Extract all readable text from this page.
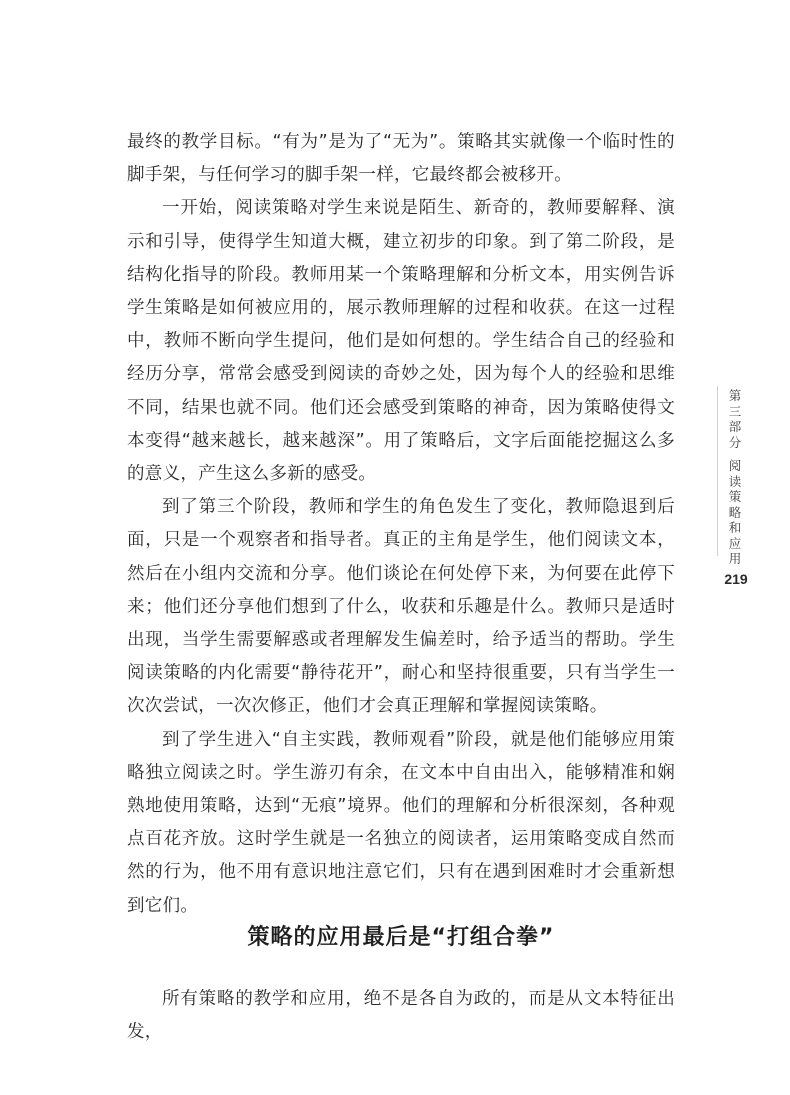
最终的教学目标。“有为”是为了“无为”。策略其实就像一个临时性的脚手架，与任何学习的脚手架一样，它最终都会被移开。

一开始，阅读策略对学生来说是陌生、新奇的，教师要解释、演示和引导，使得学生知道大概，建立初步的印象。到了第二阶段，是结构化指导的阶段。教师用某一个策略理解和分析文本，用实例告诉学生策略是如何被应用的，展示教师理解的过程和收获。在这一过程中，教师不断向学生提问，他们是如何想的。学生结合自己的经验和经历分享，常常会感受到阅读的奇妙之处，因为每个人的经验和思维不同，结果也就不同。他们还会感受到策略的神奇，因为策略使得文本变得“越来越长，越来越深”。用了策略后，文字后面能挖掘这么多的意义，产生这么多新的感受。

到了第三个阶段，教师和学生的角色发生了变化，教师隐退到后面，只是一个观察者和指导者。真正的主角是学生，他们阅读文本，然后在小组内交流和分享。他们谈论在何处停下来，为何要在此停下来；他们还分享他们想到了什么，收获和乐趣是什么。教师只是适时出现，当学生需要解惑或者理解发生偏差时，给予适当的帮助。学生阅读策略的内化需要“静待花开”，耐心和坚持很重要，只有当学生一次次尝试，一次次修正，他们才会真正理解和掌握阅读策略。

到了学生进入“自主实践，教师观看”阶段，就是他们能够应用策略独立阅读之时。学生游刃有余，在文本中自由出入，能够精准和娴熟地使用策略，达到“无痕”境界。他们的理解和分析很深刻，各种观点百花齐放。这时学生就是一名独立的阅读者，运用策略变成自然而然的行为，他不用有意识地注意它们，只有在遇到困难时才会重新想到它们。

策略的应用最后是“打组合拳”

所有策略的教学和应用，绝不是各自为政的，而是从文本特征出发，

第三部分
阅读策略和应用
219
